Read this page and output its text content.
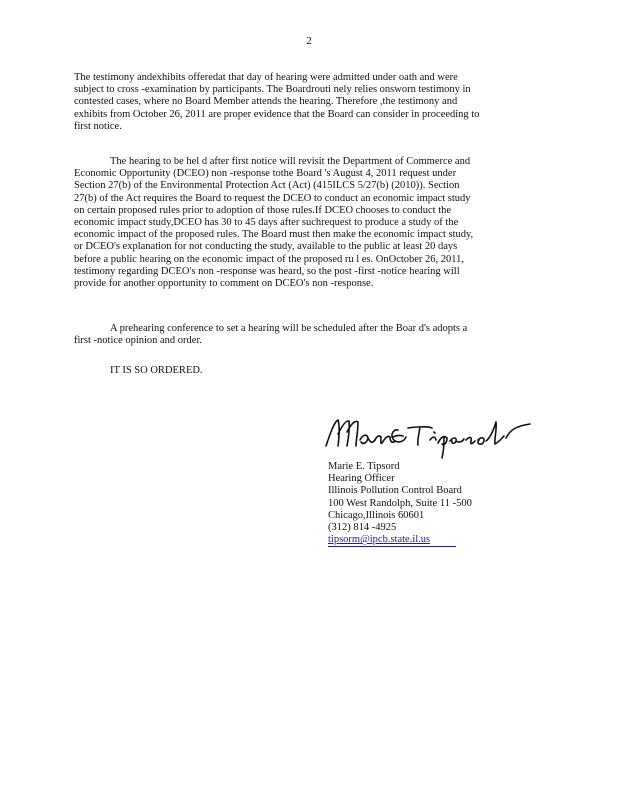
2
The testimony andexhibits offeredat that day of hearing were admitted under oath and were
subject to cross -examination by participants. The Boardrouti nely relies onsworn testimony in
contested cases, where no Board Member attends the hearing. Therefore ,the testimony and
exhibits from October 26, 2011 are proper evidence that the Board can consider in proceeding to
first notice.
The hearing to be hel d after first notice will revisit the Department of Commerce and
Economic Opportunity (DCEO) non -response tothe Board 's August 4, 2011 request under
Section 27(b) of the Environmental Protection Act (Act) (415ILCS 5/27(b) (2010)). Section
27(b) of the Act requires the Board to request the DCEO to conduct an economic impact study
on certain proposed rules prior to adoption of those rules.If DCEO chooses to conduct the
economic impact study,DCEO has 30 to 45 days after suchrequest to produce a study of the
economic impact of the proposed rules. The Board must then make the economic impact study,
or DCEO's explanation for not conducting the study, available to the public at least 20 days
before a public hearing on the economic impact of the proposed ru l es. OnOctober 26, 2011,
testimony regarding DCEO's non -response was heard, so the post -first -notice hearing will
provide for another opportunity to comment on DCEO's non -response.
A prehearing conference to set a hearing will be scheduled after the Boar d's adopts a
first -notice opinion and order.
IT IS SO ORDERED.
Marie E. Tipsord
Hearing Officer
Illinois Pollution Control Board
100 West Randolph, Suite 11 -500
Chicago,Illinois 60601
(312) 814 -4925
tipsorm@ipcb.state.il.us
